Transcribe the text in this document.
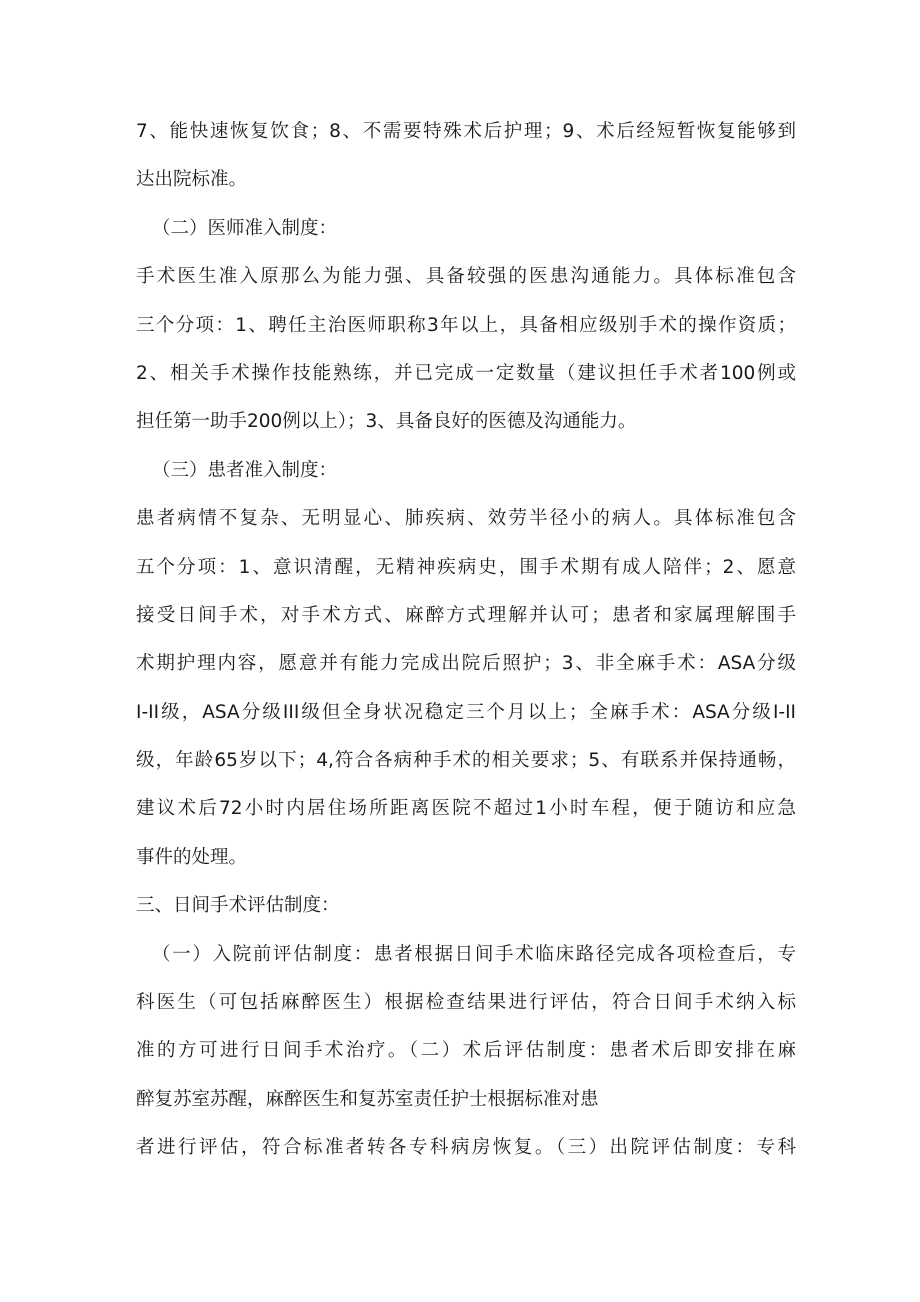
7、能快速恢复饮食；8、不需要特殊术后护理；9、术后经短暂恢复能够到
达出院标准。
（二）医师准入制度：
手术医生准入原那么为能力强、具备较强的医患沟通能力。具体标准包含
三个分项：1、聘任主治医师职称3年以上，具备相应级别手术的操作资质；
2、相关手术操作技能熟练，并已完成一定数量（建议担任手术者100例或
担任第一助手200例以上）；3、具备良好的医德及沟通能力。
（三）患者准入制度：
患者病情不复杂、无明显心、肺疾病、效劳半径小的病人。具体标准包含
五个分项：1、意识清醒，无精神疾病史，围手术期有成人陪伴；2、愿意
接受日间手术，对手术方式、麻醉方式理解并认可；患者和家属理解围手
术期护理内容，愿意并有能力完成出院后照护；3、非全麻手术：ASA分级
I-II级，ASA分级III级但全身状况稳定三个月以上；全麻手术：ASA分级I-II
级，年龄65岁以下；4,符合各病种手术的相关要求；5、有联系并保持通畅，
建议术后72小时内居住场所距离医院不超过1小时车程，便于随访和应急
事件的处理。
三、日间手术评估制度：
（一）入院前评估制度：患者根据日间手术临床路径完成各项检查后，专
科医生（可包括麻醉医生）根据检查结果进行评估，符合日间手术纳入标
准的方可进行日间手术治疗。（二）术后评估制度：患者术后即安排在麻
醉复苏室苏醒，麻醉医生和复苏室责任护士根据标准对患
者进行评估，符合标准者转各专科病房恢复。（三）出院评估制度：专科
